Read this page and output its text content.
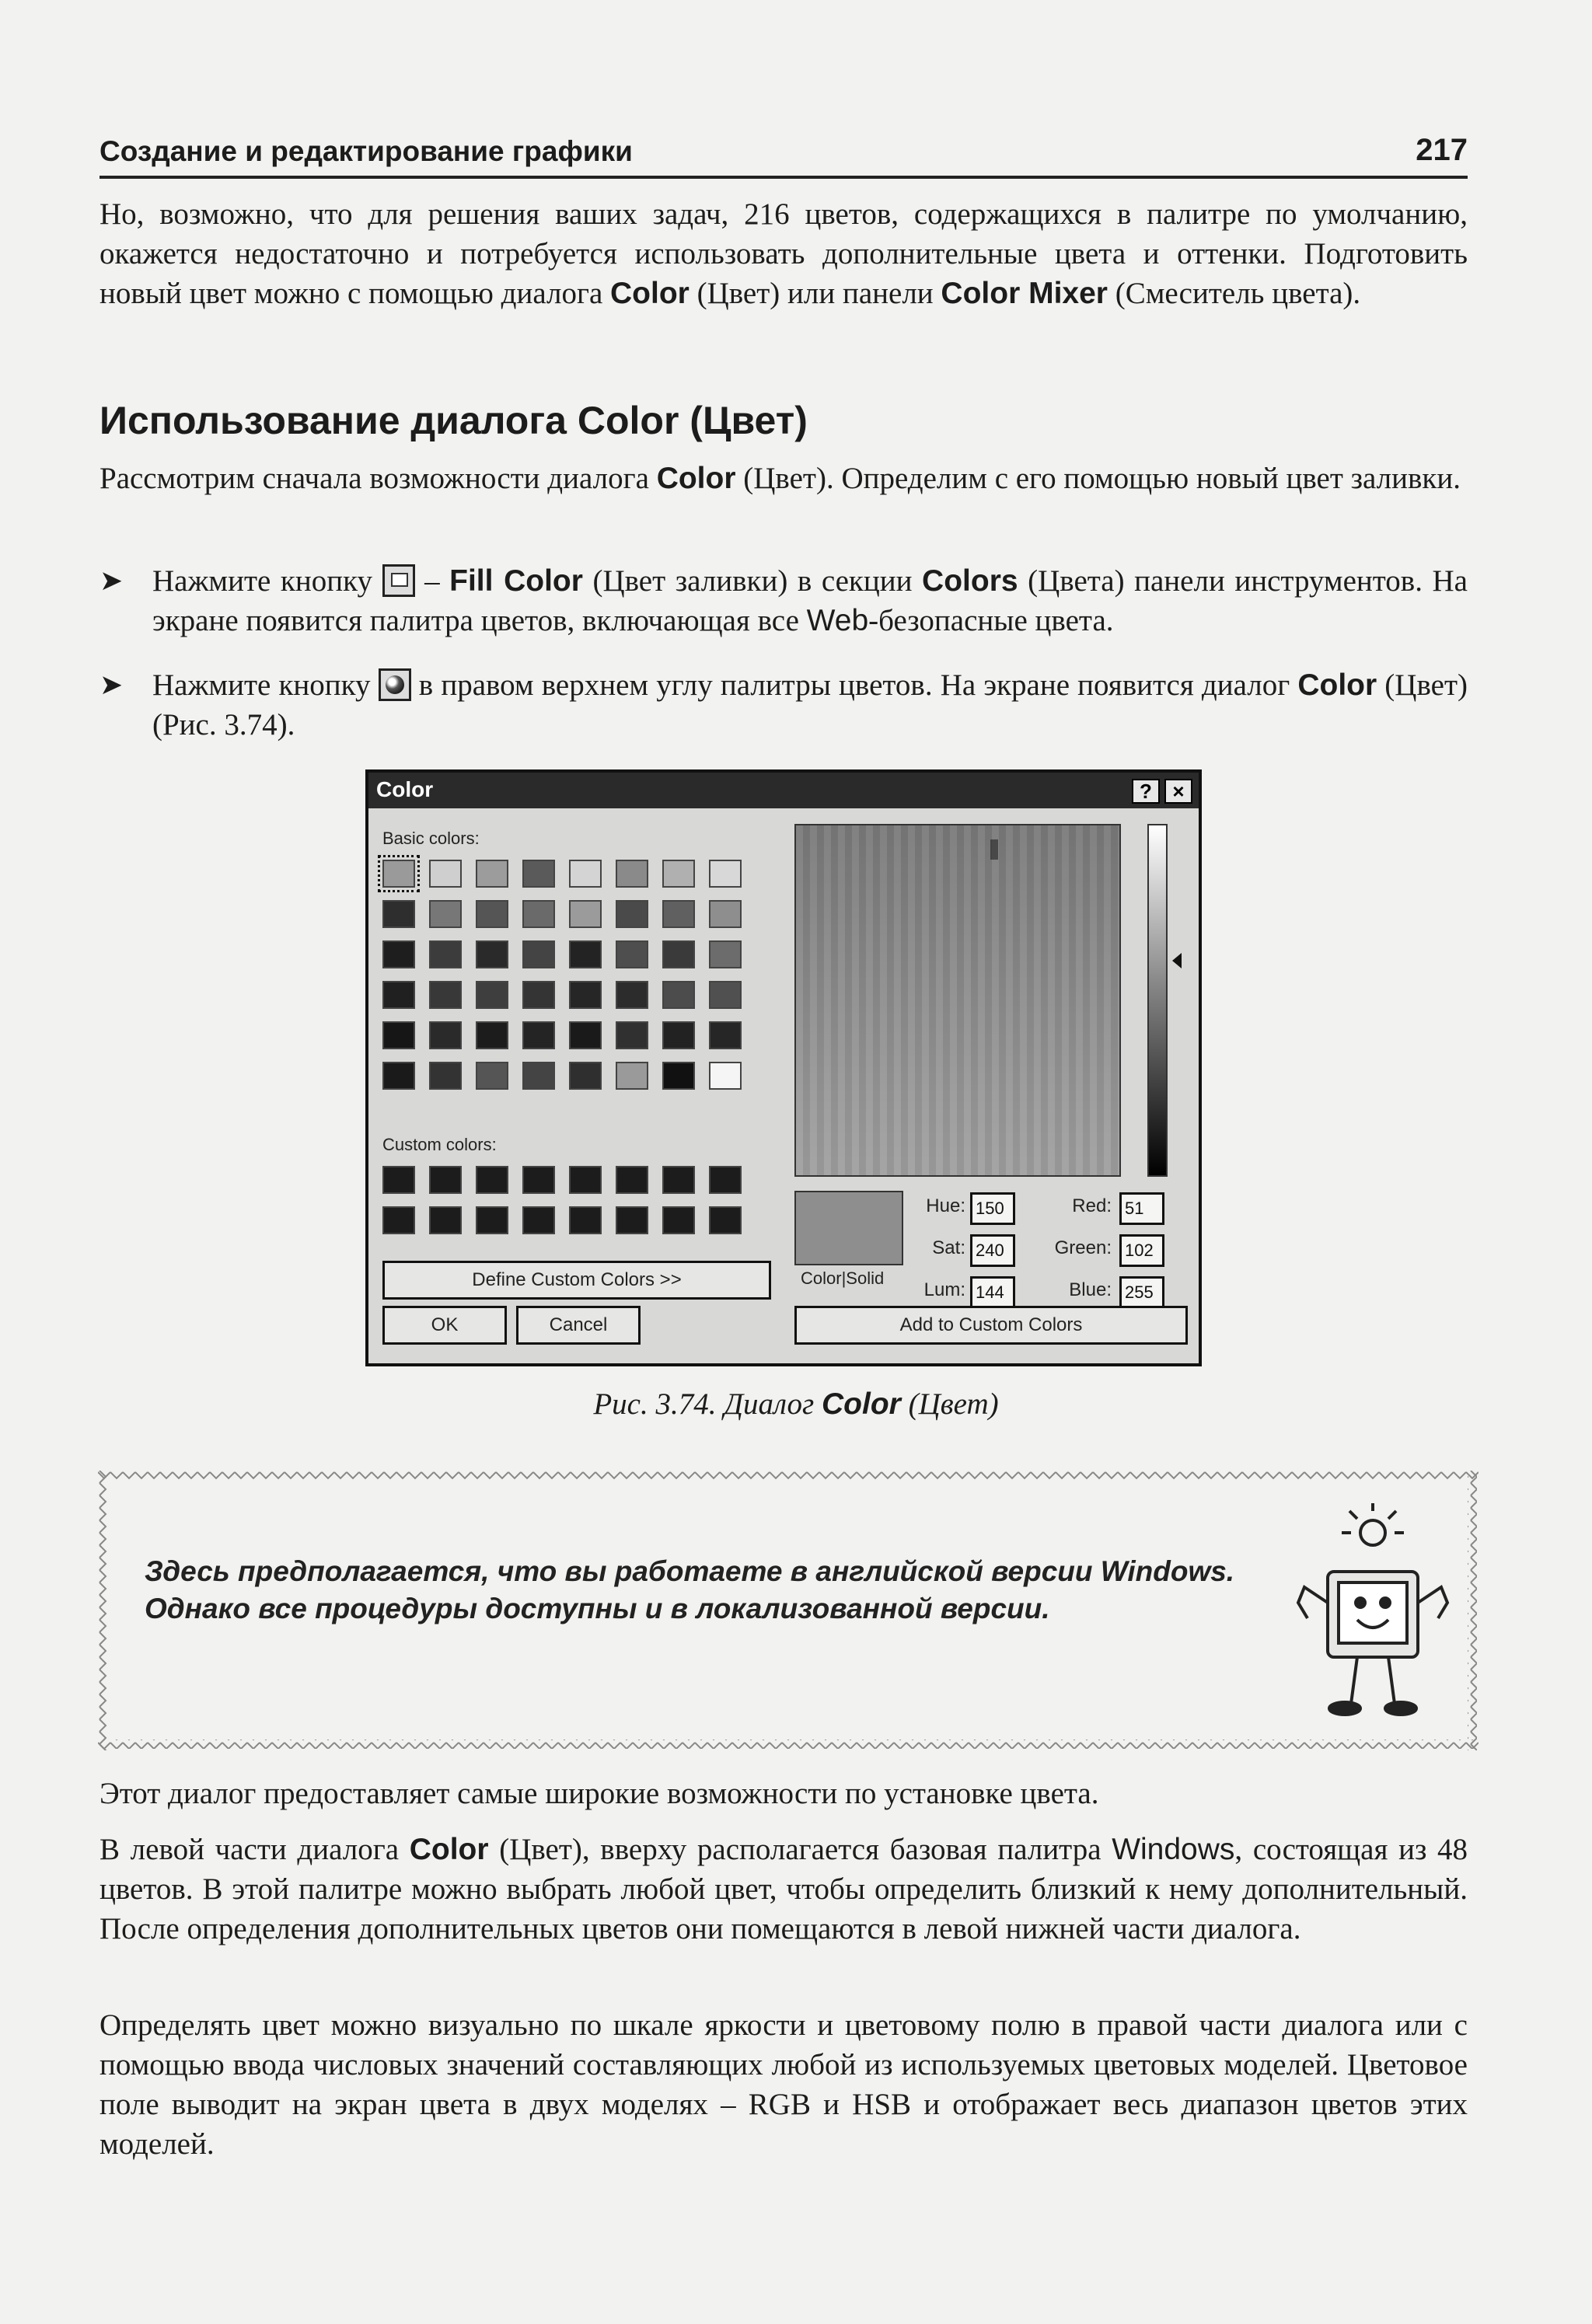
Создание и редактирование графики	217

Но, возможно, что для решения ваших задач, 216 цветов, содержащихся в палитре по умолчанию, окажется недостаточно и потребуется использовать дополнительные цвета и оттенки. Подготовить новый цвет можно с помощью диалога Color (Цвет) или панели Color Mixer (Смеситель цвета).

Использование диалога Color (Цвет)

Рассмотрим сначала возможности диалога Color (Цвет). Определим с его помощью новый цвет заливки.

➤ Нажмите кнопку  – Fill Color (Цвет заливки) в секции Colors (Цвета) панели инструментов. На экране появится палитра цветов, включающая все Web-безопасные цвета.

➤ Нажмите кнопку  в правом верхнем углу палитры цветов. На экране появится диалог Color (Цвет) (Рис. 3.74).

Color	?	×
Basic colors:
Custom colors:
Define Custom Colors >>
OK	Cancel
Color|Solid
Hue: 150
Sat: 240
Lum: 144
Red: 51
Green: 102
Blue: 255
Add to Custom Colors
Рис. 3.74. Диалог Color (Цвет)

Здесь предполагается, что вы работаете в английской версии Windows. Однако все процедуры доступны и в локализованной версии.

Этот диалог предоставляет самые широкие возможности по установке цвета.

В левой части диалога Color (Цвет), вверху располагается базовая палитра Windows, состоящая из 48 цветов. В этой палитре можно выбрать любой цвет, чтобы определить близкий к нему дополнительный. После определения дополнительных цветов они помещаются в левой нижней части диалога.

Определять цвет можно визуально по шкале яркости и цветовому полю в правой части диалога или с помощью ввода числовых значений составляющих любой из используемых цветовых моделей. Цветовое поле выводит на экран цвета в двух моделях – RGB и HSB и отображает весь диапазон цветов этих моделей.
